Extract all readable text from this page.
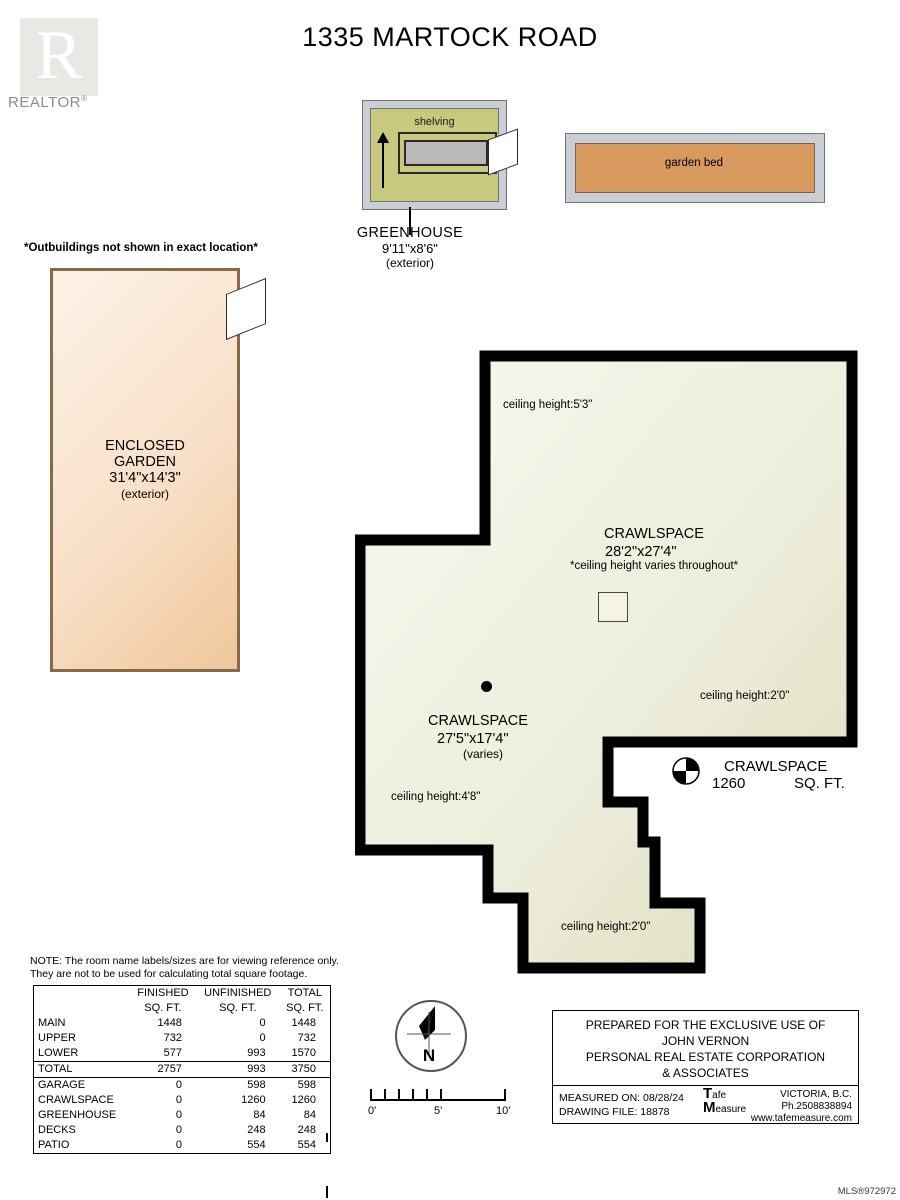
R
REALTOR®
1335 MARTOCK ROAD
shelving
GREENHOUSE
9'11"x8'6"
(exterior)
garden bed
*Outbuildings not shown in exact location*
ENCLOSED
GARDEN
31'4"x14'3"
(exterior)
ceiling height:5'3"
CRAWLSPACE
28'2"x27'4"
*ceiling height varies throughout*
ceiling height:2'0"
CRAWLSPACE
27'5"x17'4"
(varies)
ceiling height:4'8"
ceiling height:2'0"
CRAWLSPACE
1260	SQ. FT.
NOTE: The room name labels/sizes are for viewing reference only. They are not to be used for calculating total square footage.
	FINISHED	UNFINISHED	TOTAL
	SQ. FT.	SQ. FT.	SQ. FT.
MAIN	1448	0	1448
UPPER	732	0	732
LOWER	577	993	1570
TOTAL	2757	993	3750
GARAGE	0	598	598
CRAWLSPACE	0	1260	1260
GREENHOUSE	0	84	84
DECKS	0	248	248
PATIO	0	554	554
N
0'	5'	10'
PREPARED FOR THE EXCLUSIVE USE OF
JOHN VERNON
PERSONAL REAL ESTATE CORPORATION
& ASSOCIATES
MEASURED ON: 08/28/24
DRAWING FILE: 18878
Tafe
Measure
VICTORIA, B.C.
Ph.2508838894
www.tafemeasure.com
MLS®972972
